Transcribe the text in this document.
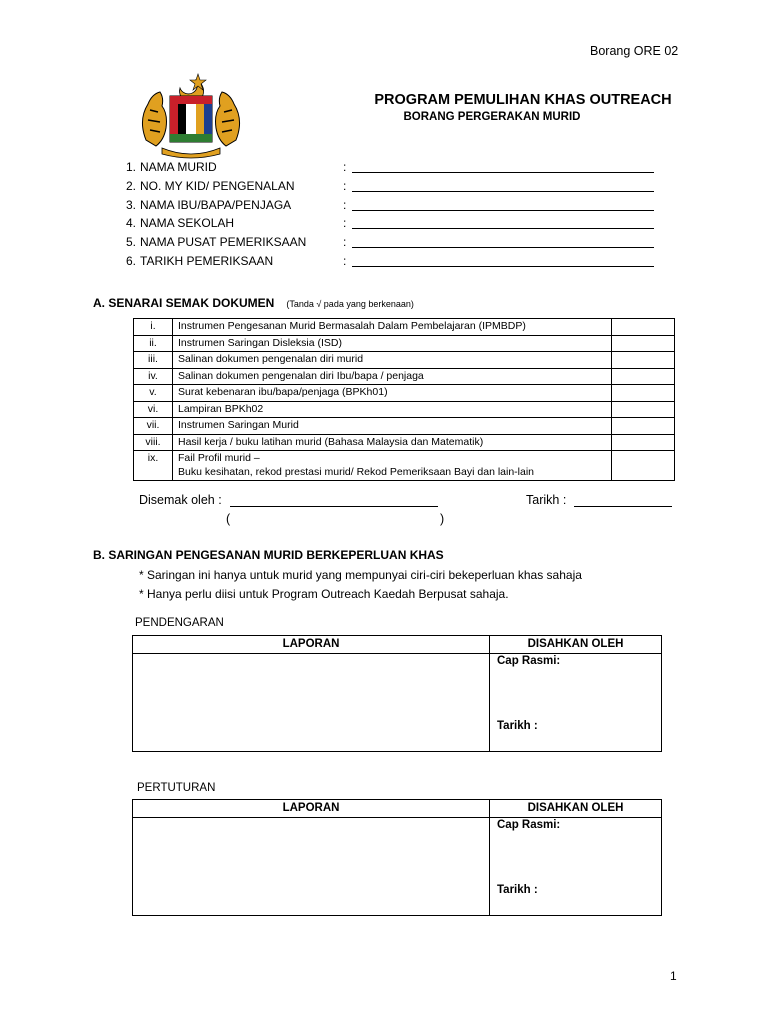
Borang ORE 02
PROGRAM PEMULIHAN KHAS OUTREACH
BORANG PERGERAKAN MURID
1. NAMA MURID	:
2. NO. MY KID/ PENGENALAN	:
3. NAMA IBU/BAPA/PENJAGA	:
4. NAMA SEKOLAH	:
5. NAMA PUSAT PEMERIKSAAN	:
6. TARIKH PEMERIKSAAN	:
A. SENARAI SEMAK DOKUMEN (Tanda √ pada yang berkenaan)
i.	Instrumen Pengesanan Murid Bermasalah Dalam Pembelajaran (IPMBDP)	
ii.	Instrumen Saringan Disleksia (ISD)	
iii.	Salinan dokumen pengenalan diri murid	
iv.	Salinan dokumen pengenalan diri Ibu/bapa / penjaga	
v.	Surat kebenaran ibu/bapa/penjaga (BPKh01)	
vi.	Lampiran BPKh02	
vii.	Instrumen Saringan Murid	
viii.	Hasil kerja / buku latihan murid (Bahasa Malaysia dan Matematik)	
ix.	Fail Profil murid –
Buku kesihatan, rekod prestasi murid/ Rekod Pemeriksaan Bayi dan lain-lain	

Disemak oleh :	Tarikh :
(	)
B. SARINGAN PENGESANAN MURID BERKEPERLUAN KHAS
* Saringan ini hanya untuk murid yang mempunyai ciri-ciri bekeperluan khas sahaja
* Hanya perlu diisi untuk Program Outreach Kaedah Berpusat sahaja.
PENDENGARAN
LAPORAN	DISAHKAN OLEH
Cap Rasmi:
Tarikh :
PERTUTURAN
LAPORAN	DISAHKAN OLEH
Cap Rasmi:
Tarikh :
1
